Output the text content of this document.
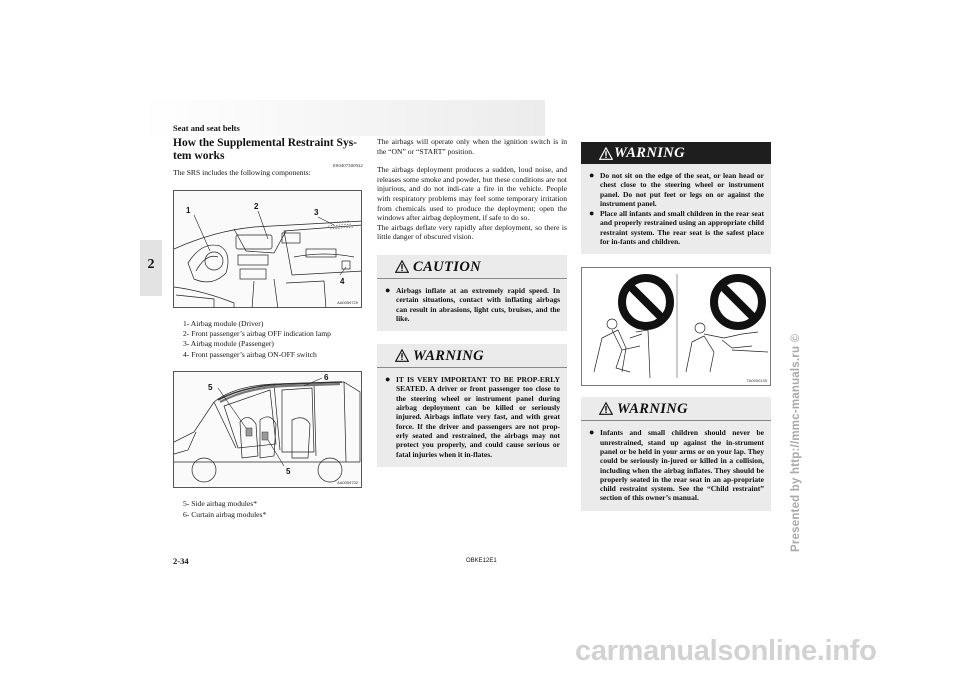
Seat and seat belts
2
How the Supplemental Restraint Sys-tem works
E00407300922
The SRS includes the following components:
1	2
3
4
AA0059729
1- Airbag module (Driver)
2- Front passenger’s airbag OFF indication lamp
3- Airbag module (Passenger)
4- Front passenger’s airbag ON-OFF switch
5
6
5
AA0059732
5- Side airbag modules*
6- Curtain airbag modules*
The airbags will operate only when the ignition switch is in the “ON” or “START” position.
The airbags deployment produces a sudden, loud noise, and releases some smoke and powder, but these conditions are not injurious, and do not indi-cate a fire in the vehicle. People with respiratory problems may feel some temporary irritation from chemicals used to produce the deployment; open the windows after airbag deployment, if safe to do so.
The airbags deflate very rapidly after deployment, so there is little danger of obscured vision.
CAUTION
● Airbags inflate at an extremely rapid speed. In certain situations, contact with inflating airbags can result in abrasions, light cuts, bruises, and the like.
WARNING
● IT IS VERY IMPORTANT TO BE PROP-ERLY SEATED. A driver or front passenger too close to the steering wheel or instrument panel during airbag deployment can be killed or seriously injured. Airbags inflate very fast, and with great force. If the driver and passengers are not prop-erly seated and restrained, the airbags may not protect you properly, and could cause serious or fatal injuries when it in-flates.
WARNING
● Do not sit on the edge of the seat, or lean head or chest close to the steering wheel or instrument panel. Do not put feet or legs on or against the instrument panel.
● Place all infants and small children in the rear seat and properly restrained using an appropriate child restraint system. The rear seat is the safest place for in-fants and children.
TA0000139
WARNING
● Infants and small children should never be unrestrained, stand up against the in-strument panel or be held in your arms or on your lap. They could be seriously in-jured or killed in a collision, including when the airbag inflates. They should be properly seated in the rear seat in an ap-propriate child restraint system. See the “Child restraint” section of this owner’s manual.
2-34	OBKE12E1
Presented by http://mmc-manuals.ru ©
carmanualsonline.info
